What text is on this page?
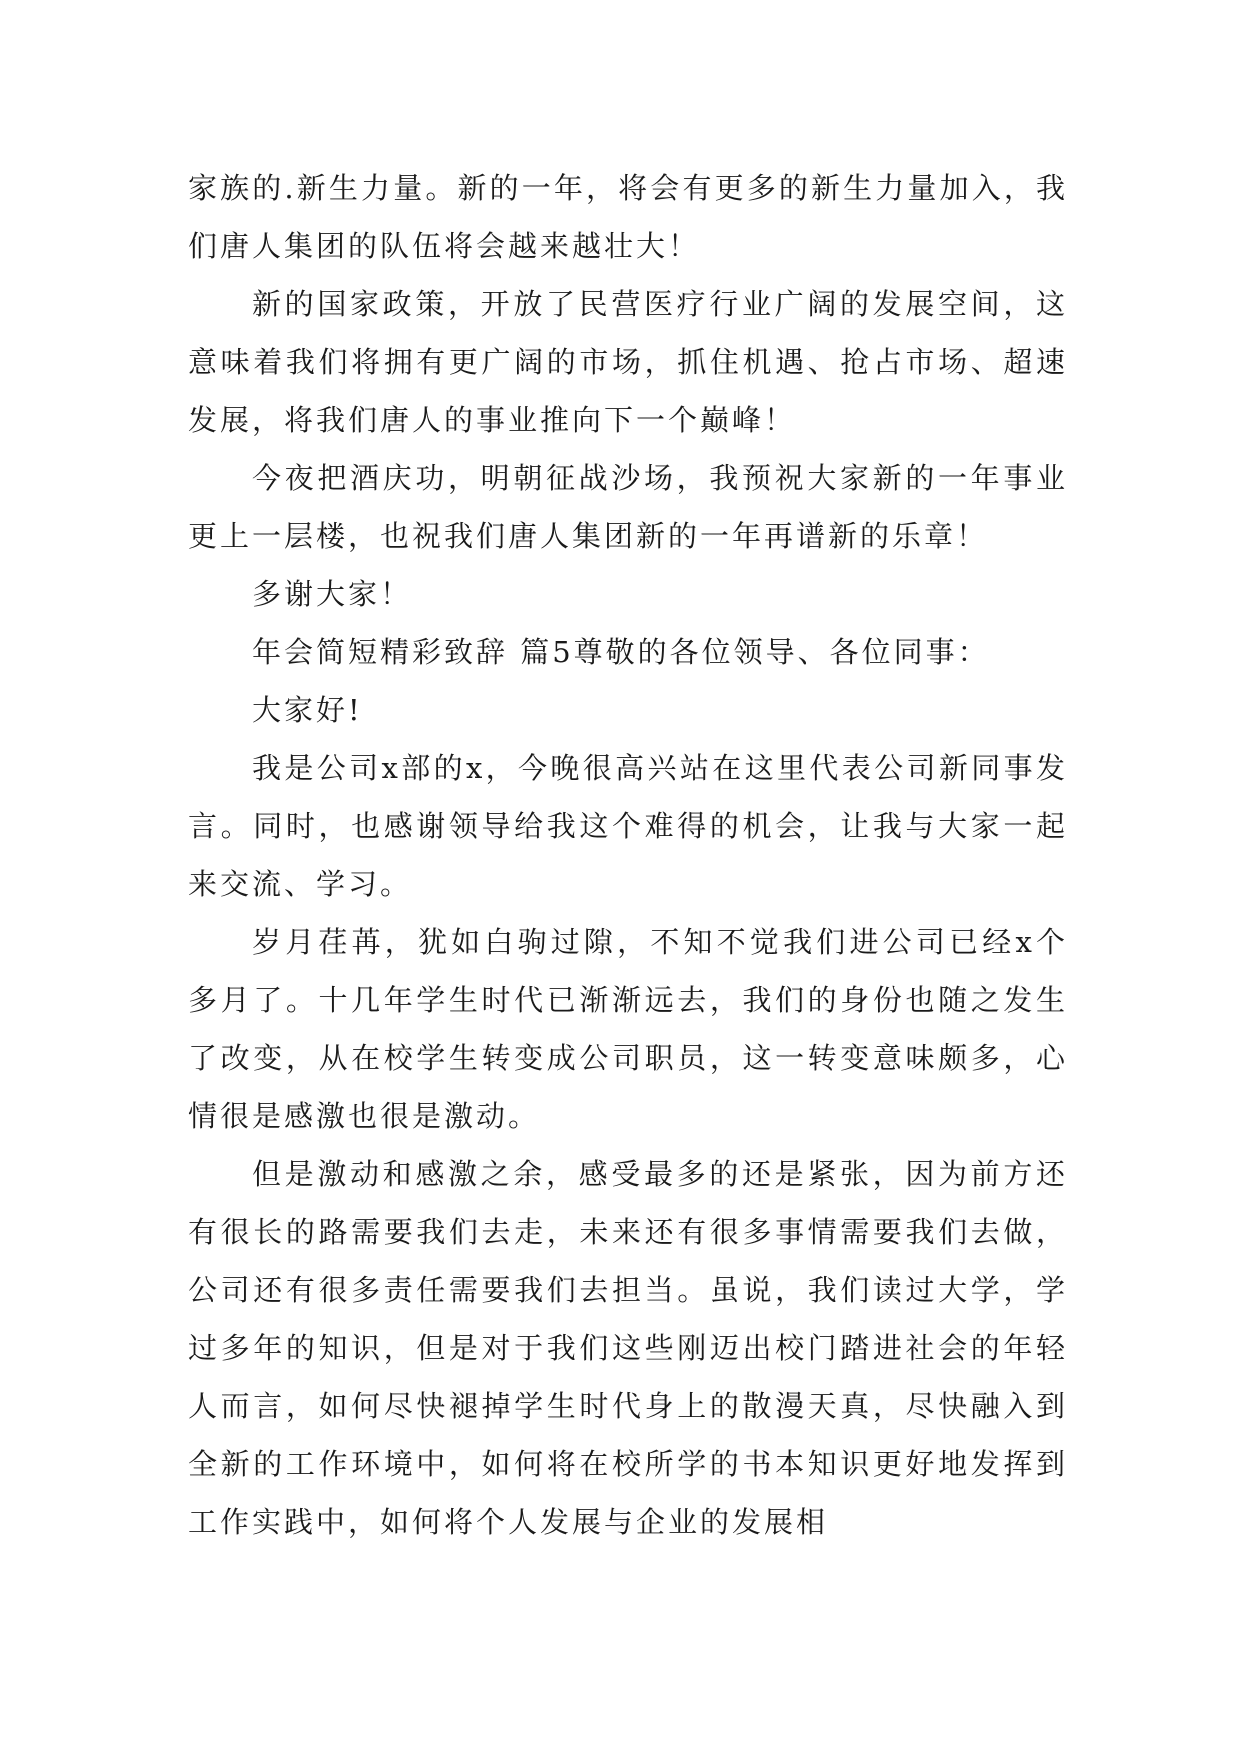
家族的.新生力量。新的一年，将会有更多的新生力量加入，我们唐人集团的队伍将会越来越壮大！

新的国家政策，开放了民营医疗行业广阔的发展空间，这意味着我们将拥有更广阔的市场，抓住机遇、抢占市场、超速发展，将我们唐人的事业推向下一个巅峰！

今夜把酒庆功，明朝征战沙场，我预祝大家新的一年事业更上一层楼，也祝我们唐人集团新的一年再谱新的乐章！

多谢大家！

年会简短精彩致辞 篇5尊敬的各位领导、各位同事：

大家好!

我是公司x部的x，今晚很高兴站在这里代表公司新同事发言。同时，也感谢领导给我这个难得的机会，让我与大家一起来交流、学习。

岁月荏苒，犹如白驹过隙，不知不觉我们进公司已经x个多月了。十几年学生时代已渐渐远去，我们的身份也随之发生了改变，从在校学生转变成公司职员，这一转变意味颇多，心情很是感激也很是激动。

但是激动和感激之余，感受最多的还是紧张，因为前方还有很长的路需要我们去走，未来还有很多事情需要我们去做，公司还有很多责任需要我们去担当。虽说，我们读过大学，学过多年的知识，但是对于我们这些刚迈出校门踏进社会的年轻人而言，如何尽快褪掉学生时代身上的散漫天真，尽快融入到全新的工作环境中，如何将在校所学的书本知识更好地发挥到工作实践中，如何将个人发展与企业的发展相
